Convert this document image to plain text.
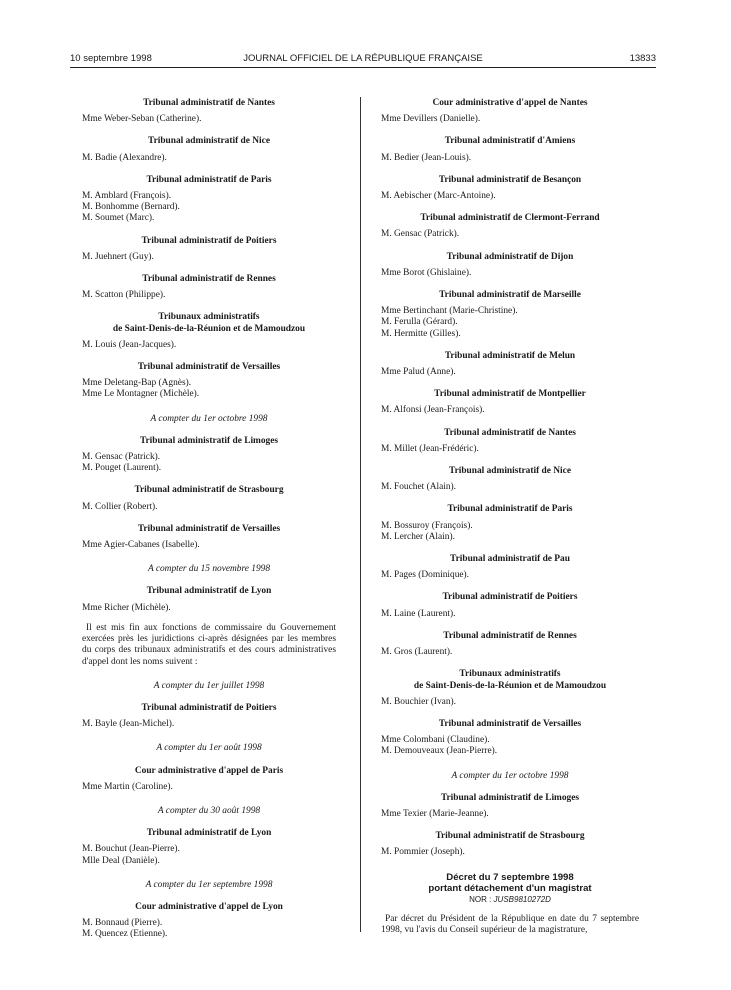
10 septembre 1998	JOURNAL OFFICIEL DE LA RÉPUBLIQUE FRANÇAISE	13833

Tribunal administratif de Nantes

Mme Weber-Seban (Catherine).

Tribunal administratif de Nice

M. Badie (Alexandre).

Tribunal administratif de Paris

M. Amblard (François).
M. Bonhomme (Bernard).
M. Soumet (Marc).

Tribunal administratif de Poitiers

M. Juehnert (Guy).

Tribunal administratif de Rennes

M. Scatton (Philippe).

Tribunaux administratifs
de Saint-Denis-de-la-Réunion et de Mamoudzou

M. Louis (Jean-Jacques).

Tribunal administratif de Versailles

Mme Deletang-Bap (Agnès).
Mme Le Montagner (Michèle).

A compter du 1er octobre 1998

Tribunal administratif de Limoges

M. Gensac (Patrick).
M. Pouget (Laurent).

Tribunal administratif de Strasbourg

M. Collier (Robert).

Tribunal administratif de Versailles

Mme Agier-Cabanes (Isabelle).

A compter du 15 novembre 1998

Tribunal administratif de Lyon

Mme Richer (Michèle).

Il est mis fin aux fonctions de commissaire du Gouvernement exercées près les juridictions ci-après désignées par les membres du corps des tribunaux administratifs et des cours administratives d'appel dont les noms suivent :

A compter du 1er juillet 1998

Tribunal administratif de Poitiers

M. Bayle (Jean-Michel).

A compter du 1er août 1998

Cour administrative d'appel de Paris

Mme Martin (Caroline).

A compter du 30 août 1998

Tribunal administratif de Lyon

M. Bouchut (Jean-Pierre).
Mlle Deal (Danièle).

A compter du 1er septembre 1998

Cour administrative d'appel de Lyon

M. Bonnaud (Pierre).
M. Quencez (Etienne).

Cour administrative d'appel de Nantes

Mme Devillers (Danielle).

Tribunal administratif d'Amiens

M. Bedier (Jean-Louis).

Tribunal administratif de Besançon

M. Aebischer (Marc-Antoine).

Tribunal administratif de Clermont-Ferrand

M. Gensac (Patrick).

Tribunal administratif de Dijon

Mme Borot (Ghislaine).

Tribunal administratif de Marseille

Mme Bertinchant (Marie-Christine).
M. Ferulla (Gérard).
M. Hermitte (Gilles).

Tribunal administratif de Melun

Mme Palud (Anne).

Tribunal administratif de Montpellier

M. Alfonsi (Jean-François).

Tribunal administratif de Nantes

M. Millet (Jean-Frédéric).

Tribunal administratif de Nice

M. Fouchet (Alain).

Tribunal administratif de Paris

M. Bossuroy (François).
M. Lercher (Alain).

Tribunal administratif de Pau

M. Pages (Dominique).

Tribunal administratif de Poitiers

M. Laine (Laurent).

Tribunal administratif de Rennes

M. Gros (Laurent).

Tribunaux administratifs
de Saint-Denis-de-la-Réunion et de Mamoudzou

M. Bouchier (Ivan).

Tribunal administratif de Versailles

Mme Colombani (Claudine).
M. Demouveaux (Jean-Pierre).

A compter du 1er octobre 1998

Tribunal administratif de Limoges

Mme Texier (Marie-Jeanne).

Tribunal administratif de Strasbourg

M. Pommier (Joseph).

Décret du 7 septembre 1998

portant détachement d'un magistrat

NOR : JUSB9810272D

Par décret du Président de la République en date du 7 septembre 1998, vu l'avis du Conseil supérieur de la magistrature,
